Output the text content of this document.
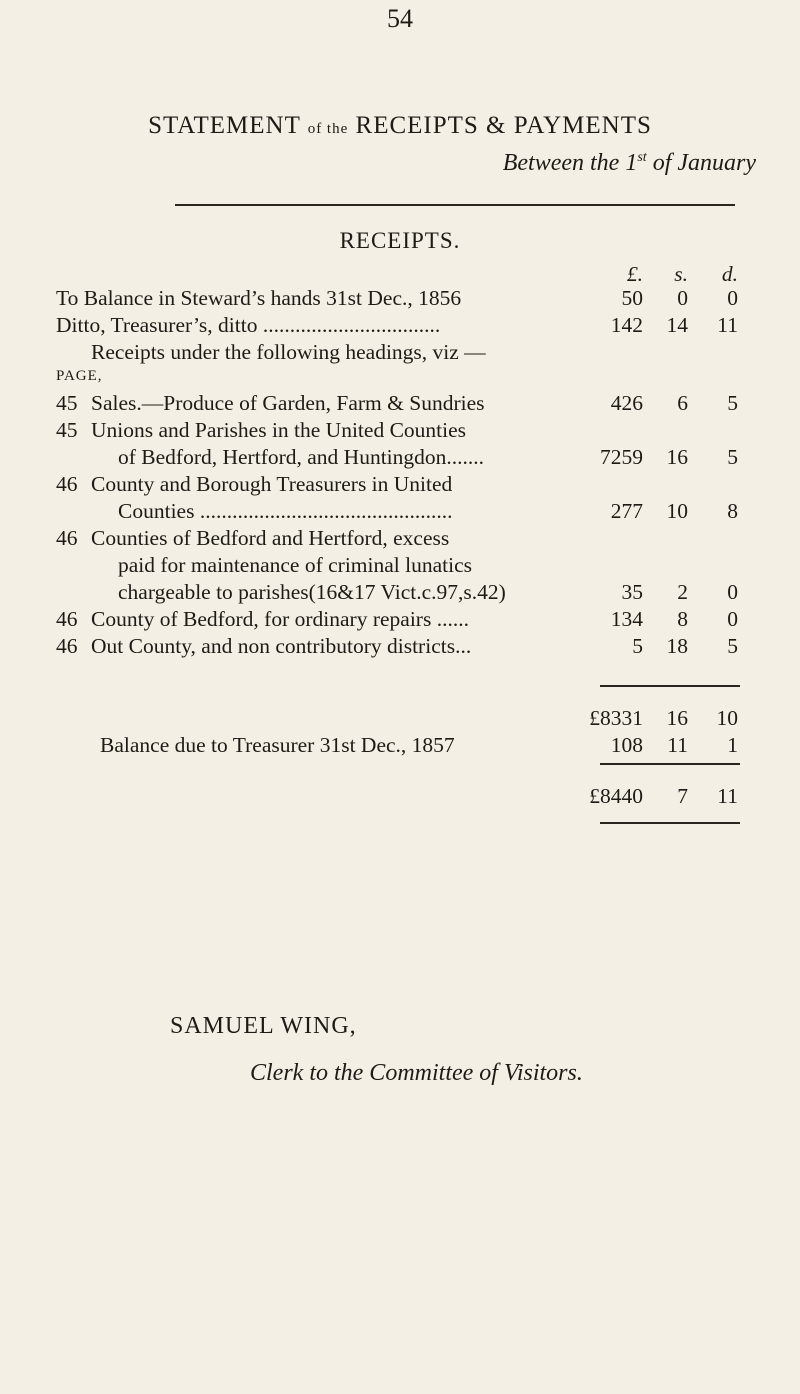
54
STATEMENT of the RECEIPTS & PAYMENTS
Between the 1st of January
RECEIPTS.
£.	s.	d.
To Balance in Steward’s hands 31st Dec., 1856	50	0	0
Ditto, Treasurer’s, ditto .................................	142	14	11
Receipts under the following headings, viz —
PAGE,
45 Sales.—Produce of Garden, Farm & Sundries	426	6	5
45 Unions and Parishes in the United Counties
of Bedford, Hertford, and Huntingdon.......	7259	16	5
46 County and Borough Treasurers in United
Counties ...............................................	277	10	8
46 Counties of Bedford and Hertford, excess
paid for maintenance of criminal lunatics
chargeable to parishes(16&17 Vict.c.97,s.42)	35	2	0
46 County of Bedford, for ordinary repairs ......	134	8	0
46 Out County, and non contributory districts...	5	18	5
£8331	16	10
Balance due to Treasurer 31st Dec., 1857	108	11	1
£8440	7	11
SAMUEL WING,
Clerk to the Committee of Visitors.
